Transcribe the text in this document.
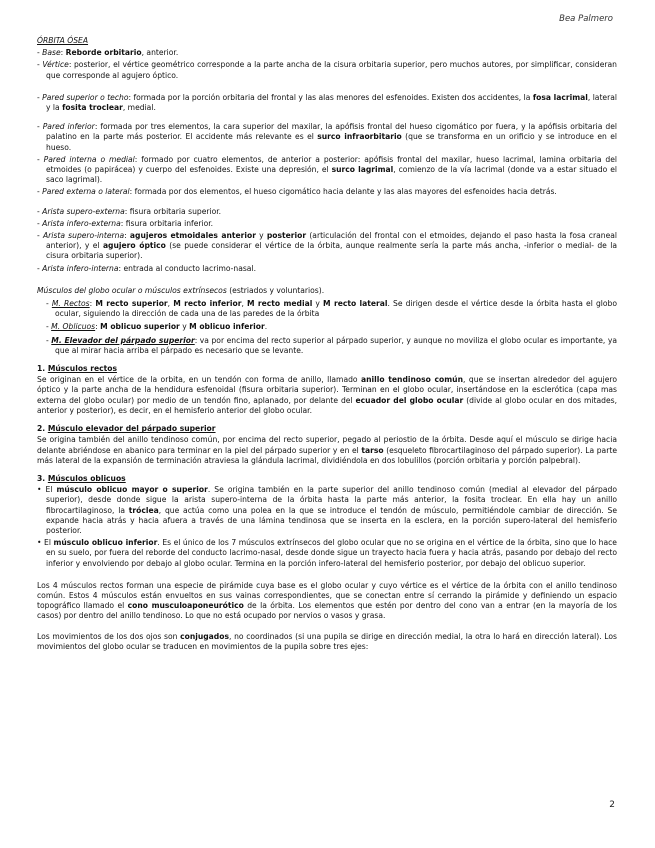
Bea Palmero

ÓRBITA ÓSEA

- Base: Reborde orbitario, anterior.

- Vértice: posterior, el vértice geométrico corresponde a la parte ancha de la cisura orbitaria superior, pero muchos autores, por simplificar, consideran que corresponde al agujero óptico.

- Pared superior o techo: formada por la porción orbitaria del frontal y las alas menores del esfenoides. Existen dos accidentes, la fosa lacrimal, lateral y la fosita troclear, medial.

- Pared inferior: formada por tres elementos, la cara superior del maxilar, la apófisis frontal del hueso cigomático por fuera, y la apófisis orbitaria del palatino en la parte más posterior. El accidente más relevante es el surco infraorbitario (que se transforma en un orificio y se introduce en el hueso.

- Pared interna o medial: formado por cuatro elementos, de anterior a posterior: apófisis frontal del maxilar, hueso lacrimal, lamina orbitaria del etmoides (o papirácea) y cuerpo del esfenoides. Existe una depresión, el surco lagrimal, comienzo de la vía lacrimal (donde va a estar situado el saco lagrimal).

- Pared externa o lateral: formada por dos elementos, el hueso cigomático hacia delante y las alas mayores del esfenoides hacia detrás.

- Arista supero-externa: fisura orbitaria superior.

- Arista infero-externa: fisura orbitaria inferior.

- Arista supero-interna: agujeros etmoidales anterior y posterior (articulación del frontal con el etmoides, dejando el paso hasta la fosa craneal anterior), y el agujero óptico (se puede considerar el vértice de la órbita, aunque realmente sería la parte más ancha, -inferior o medial- de la cisura orbitaria superior).

- Arista infero-interna: entrada al conducto lacrimo-nasal.

Músculos del globo ocular o músculos extrínsecos (estriados y voluntarios).

- M. Rectos: M recto superior, M recto inferior, M recto medial y M recto lateral. Se dirigen desde el vértice desde la órbita hasta el globo ocular, siguiendo la dirección de cada una de las paredes de la órbita

- M. Oblicuos: M oblicuo superior y M oblicuo inferior.

- M. Elevador del párpado superior: va por encima del recto superior al párpado superior, y aunque no moviliza el globo ocular es importante, ya que al mirar hacia arriba el párpado es necesario que se levante.

1. Músculos rectos

Se originan en el vértice de la orbita, en un tendón con forma de anillo, llamado anillo tendinoso común, que se insertan alrededor del agujero óptico y la parte ancha de la hendidura esfenoidal (fisura orbitaria superior). Terminan en el globo ocular, insertándose en la esclerótica (capa mas externa del globo ocular) por medio de un tendón fino, aplanado, por delante del ecuador del globo ocular (divide al globo ocular en dos mitades, anterior y posterior), es decir, en el hemisferio anterior del globo ocular.

2. Músculo elevador del párpado superior

Se origina también del anillo tendinoso común, por encima del recto superior, pegado al periostio de la órbita. Desde aquí el músculo se dirige hacia delante abriéndose en abanico para terminar en la piel del párpado superior y en el tarso (esqueleto fibrocartilaginoso del párpado superior). La parte más lateral de la expansión de terminación atraviesa la glándula lacrimal, dividiéndola en dos lobulillos (porción orbitaria y porción palpebral).

3. Músculos oblicuos

• El músculo oblicuo mayor o superior. Se origina también en la parte superior del anillo tendinoso común (medial al elevador del párpado superior), desde donde sigue la arista supero-interna de la órbita hasta la parte más anterior, la fosita troclear. En ella hay un anillo fibrocartilaginoso, la tróclea, que actúa como una polea en la que se introduce el tendón de músculo, permitiéndole cambiar de dirección. Se expande hacia atrás y hacia afuera a través de una lámina tendinosa que se inserta en la esclera, en la porción supero-lateral del hemisferio posterior.

• El músculo oblicuo inferior. Es el único de los 7 músculos extrínsecos del globo ocular que no se origina en el vértice de la órbita, sino que lo hace en su suelo, por fuera del reborde del conducto lacrimo-nasal, desde donde sigue un trayecto hacia fuera y hacia atrás, pasando por debajo del recto inferior y envolviendo por debajo al globo ocular. Termina en la porción infero-lateral del hemisferio posterior, por debajo del oblicuo superior.

Los 4 músculos rectos forman una especie de pirámide cuya base es el globo ocular y cuyo vértice es el vértice de la órbita con el anillo tendinoso común. Estos 4 músculos están envueltos en sus vainas correspondientes, que se conectan entre sí cerrando la pirámide y definiendo un espacio topográfico llamado el cono musculoaponeurótico de la órbita. Los elementos que estén por dentro del cono van a entrar (en la mayoría de los casos) por dentro del anillo tendinoso. Lo que no está ocupado por nervios o vasos y grasa.

Los movimientos de los dos ojos son conjugados, no coordinados (si una pupila se dirige en dirección medial, la otra lo hará en dirección lateral). Los movimientos del globo ocular se traducen en movimientos de la pupila sobre tres ejes:

2
